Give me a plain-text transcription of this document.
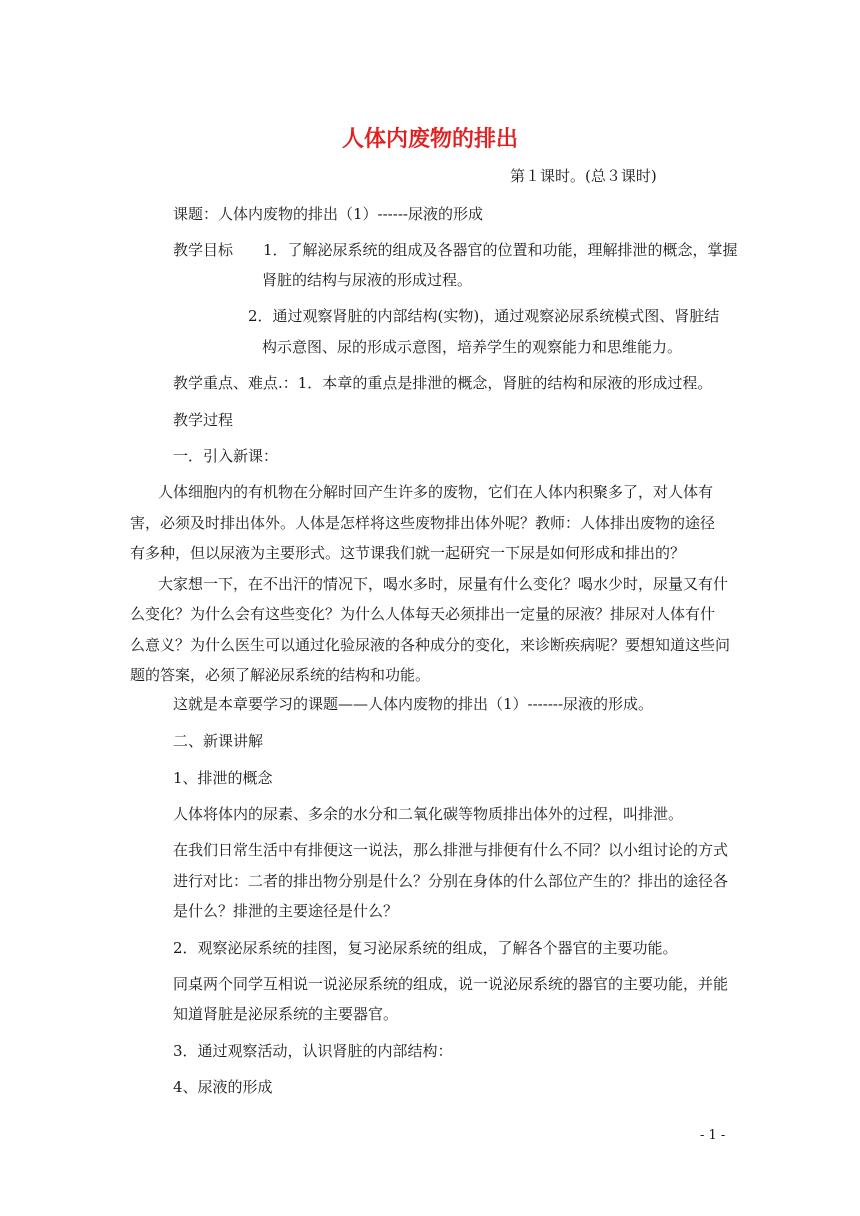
人体内废物的排出
第１课时。(总３课时)
课题：人体内废物的排出（1）------尿液的形成
教学目标　　1．了解泌尿系统的组成及各器官的位置和功能，理解排泄的概念，掌握
肾脏的结构与尿液的形成过程。
2．通过观察肾脏的内部结构(实物)，通过观察泌尿系统模式图、肾脏结
构示意图、尿的形成示意图，培养学生的观察能力和思维能力。
教学重点、难点.：1．本章的重点是排泄的概念，肾脏的结构和尿液的形成过程。
教学过程
一．引入新课：
人体细胞内的有机物在分解时回产生许多的废物，它们在人体内积聚多了，对人体有
害，必须及时排出体外。人体是怎样将这些废物排出体外呢？教师：人体排出废物的途径
有多种，但以尿液为主要形式。这节课我们就一起研究一下尿是如何形成和排出的？
大家想一下，在不出汗的情况下，喝水多时，尿量有什么变化？喝水少时，尿量又有什
么变化？为什么会有这些变化？为什么人体每天必须排出一定量的尿液？排尿对人体有什
么意义？为什么医生可以通过化验尿液的各种成分的变化，来诊断疾病呢？要想知道这些问
题的答案，必须了解泌尿系统的结构和功能。
这就是本章要学习的课题——人体内废物的排出（1）-------尿液的形成。
二、新课讲解
1、排泄的概念
人体将体内的尿素、多余的水分和二氧化碳等物质排出体外的过程，叫排泄。
在我们日常生活中有排便这一说法，那么排泄与排便有什么不同？以小组讨论的方式
进行对比：二者的排出物分别是什么？分别在身体的什么部位产生的？排出的途径各
是什么？排泄的主要途径是什么？
2．观察泌尿系统的挂图，复习泌尿系统的组成，了解各个器官的主要功能。
同桌两个同学互相说一说泌尿系统的组成，说一说泌尿系统的器官的主要功能，并能
知道肾脏是泌尿系统的主要器官。
3．通过观察活动，认识肾脏的内部结构：
4、尿液的形成
- 1 -
